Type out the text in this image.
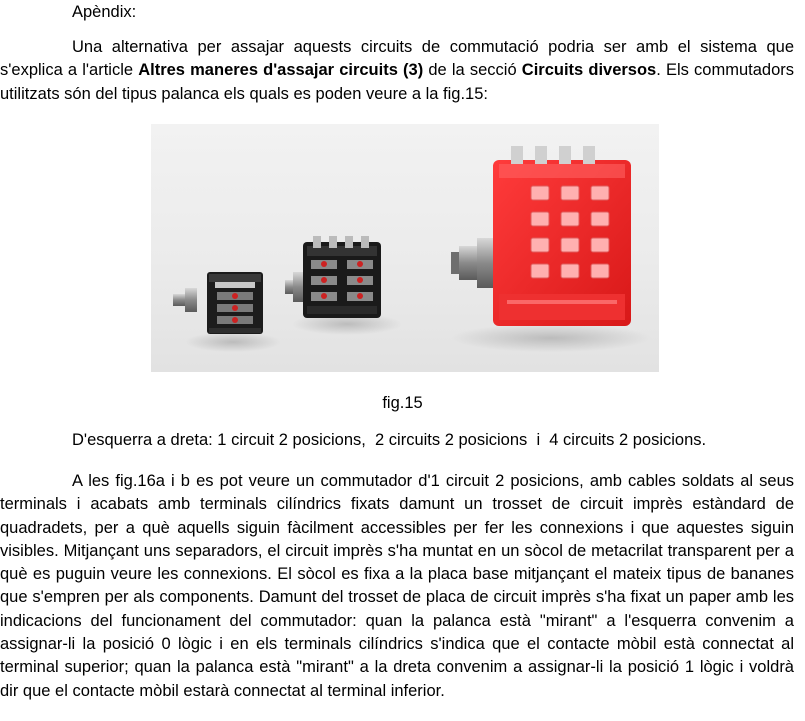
Apèndix:
Una alternativa per assajar aquests circuits de commutació podria ser amb el sistema que s'explica a l'article Altres maneres d'assajar circuits (3) de la secció Circuits diversos. Els commutadors utilitzats són del tipus palanca els quals es poden veure a la fig.15:
fig.15
D'esquerra a dreta: 1 circuit 2 posicions,  2 circuits 2 posicions  i  4 circuits 2 posicions.
A les fig.16a i b es pot veure un commutador d'1 circuit 2 posicions, amb cables soldats al seus terminals i acabats amb terminals cilíndrics fixats damunt un trosset de circuit imprès estàndard de quadradets, per a què aquells siguin fàcilment accessibles per fer les connexions i que aquestes siguin visibles. Mitjançant uns separadors, el circuit imprès s'ha muntat en un sòcol de metacrilat transparent per a què es puguin veure les connexions. El sòcol es fixa a la placa base mitjançant el mateix tipus de bananes que s'empren per als components. Damunt del trosset de placa de circuit imprès s'ha fixat un paper amb les indicacions del funcionament del commutador: quan la palanca està "mirant" a l'esquerra convenim a assignar-li la posició 0 lògic i en els terminals cilíndrics s'indica que el contacte mòbil està connectat al terminal superior; quan la palanca està "mirant" a la dreta convenim a assignar-li la posició 1 lògic i voldrà dir que el contacte mòbil estarà connectat al terminal inferior.
